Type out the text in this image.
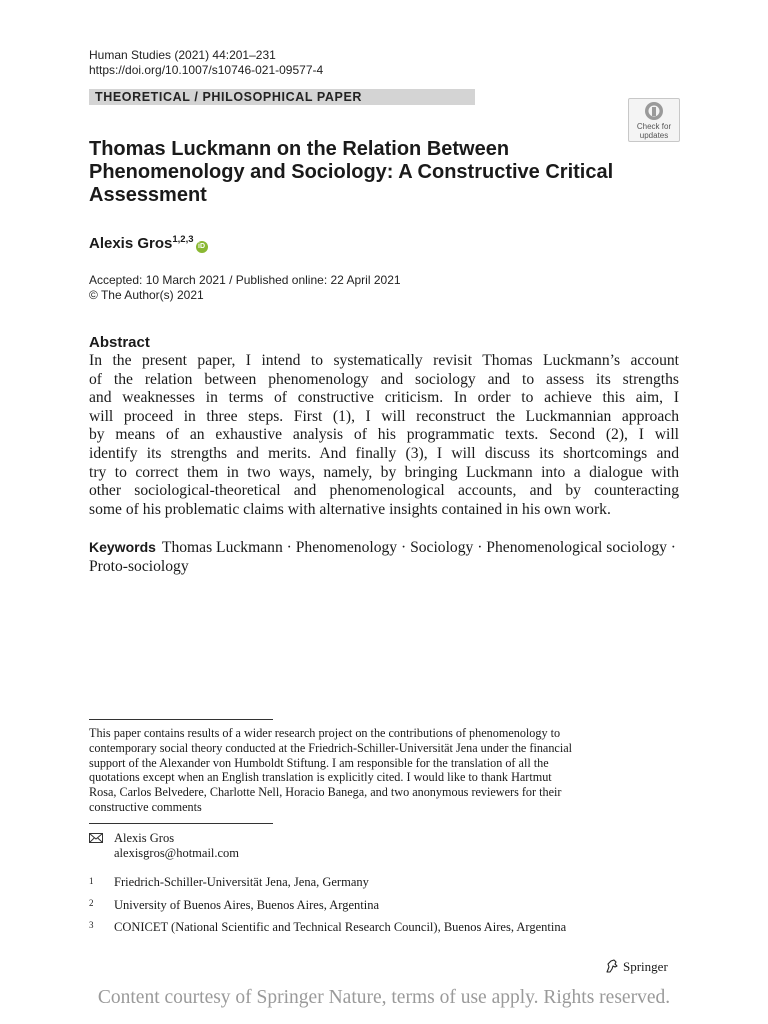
Human Studies (2021) 44:201–231
https://doi.org/10.1007/s10746-021-09577-4
THEORETICAL / PHILOSOPHICAL PAPER
Check for
updates
Thomas Luckmann on the Relation Between
Phenomenology and Sociology: A Constructive Critical
Assessment
Alexis Gros$^{1,2,3}$iD
Accepted: 10 March 2021 / Published online: 22 April 2021
© The Author(s) 2021
Abstract
In the present paper, I intend to systematically revisit Thomas Luckmann’s account
of the relation between phenomenology and sociology and to assess its strengths
and weaknesses in terms of constructive criticism. In order to achieve this aim, I
will proceed in three steps. First (1), I will reconstruct the Luckmannian approach
by means of an exhaustive analysis of his programmatic texts. Second (2), I will
identify its strengths and merits. And finally (3), I will discuss its shortcomings and
try to correct them in two ways, namely, by bringing Luckmann into a dialogue with
other sociological-theoretical and phenomenological accounts, and by counteracting
some of his problematic claims with alternative insights contained in his own work.
Keywords Thomas Luckmann · Phenomenology · Sociology · Phenomenological sociology · Proto-sociology
This paper contains results of a wider research project on the contributions of phenomenology to
contemporary social theory conducted at the Friedrich-Schiller-Universität Jena under the financial
support of the Alexander von Humboldt Stiftung. I am responsible for the translation of all the
quotations except when an English translation is explicitly cited. I would like to thank Hartmut
Rosa, Carlos Belvedere, Charlotte Nell, Horacio Banega, and two anonymous reviewers for their
constructive comments
Alexis Gros
alexisgros@hotmail.com
1 Friedrich-Schiller-Universität Jena, Jena, Germany
2 University of Buenos Aires, Buenos Aires, Argentina
3 CONICET (National Scientific and Technical Research Council), Buenos Aires, Argentina
Springer
Content courtesy of Springer Nature, terms of use apply. Rights reserved.
